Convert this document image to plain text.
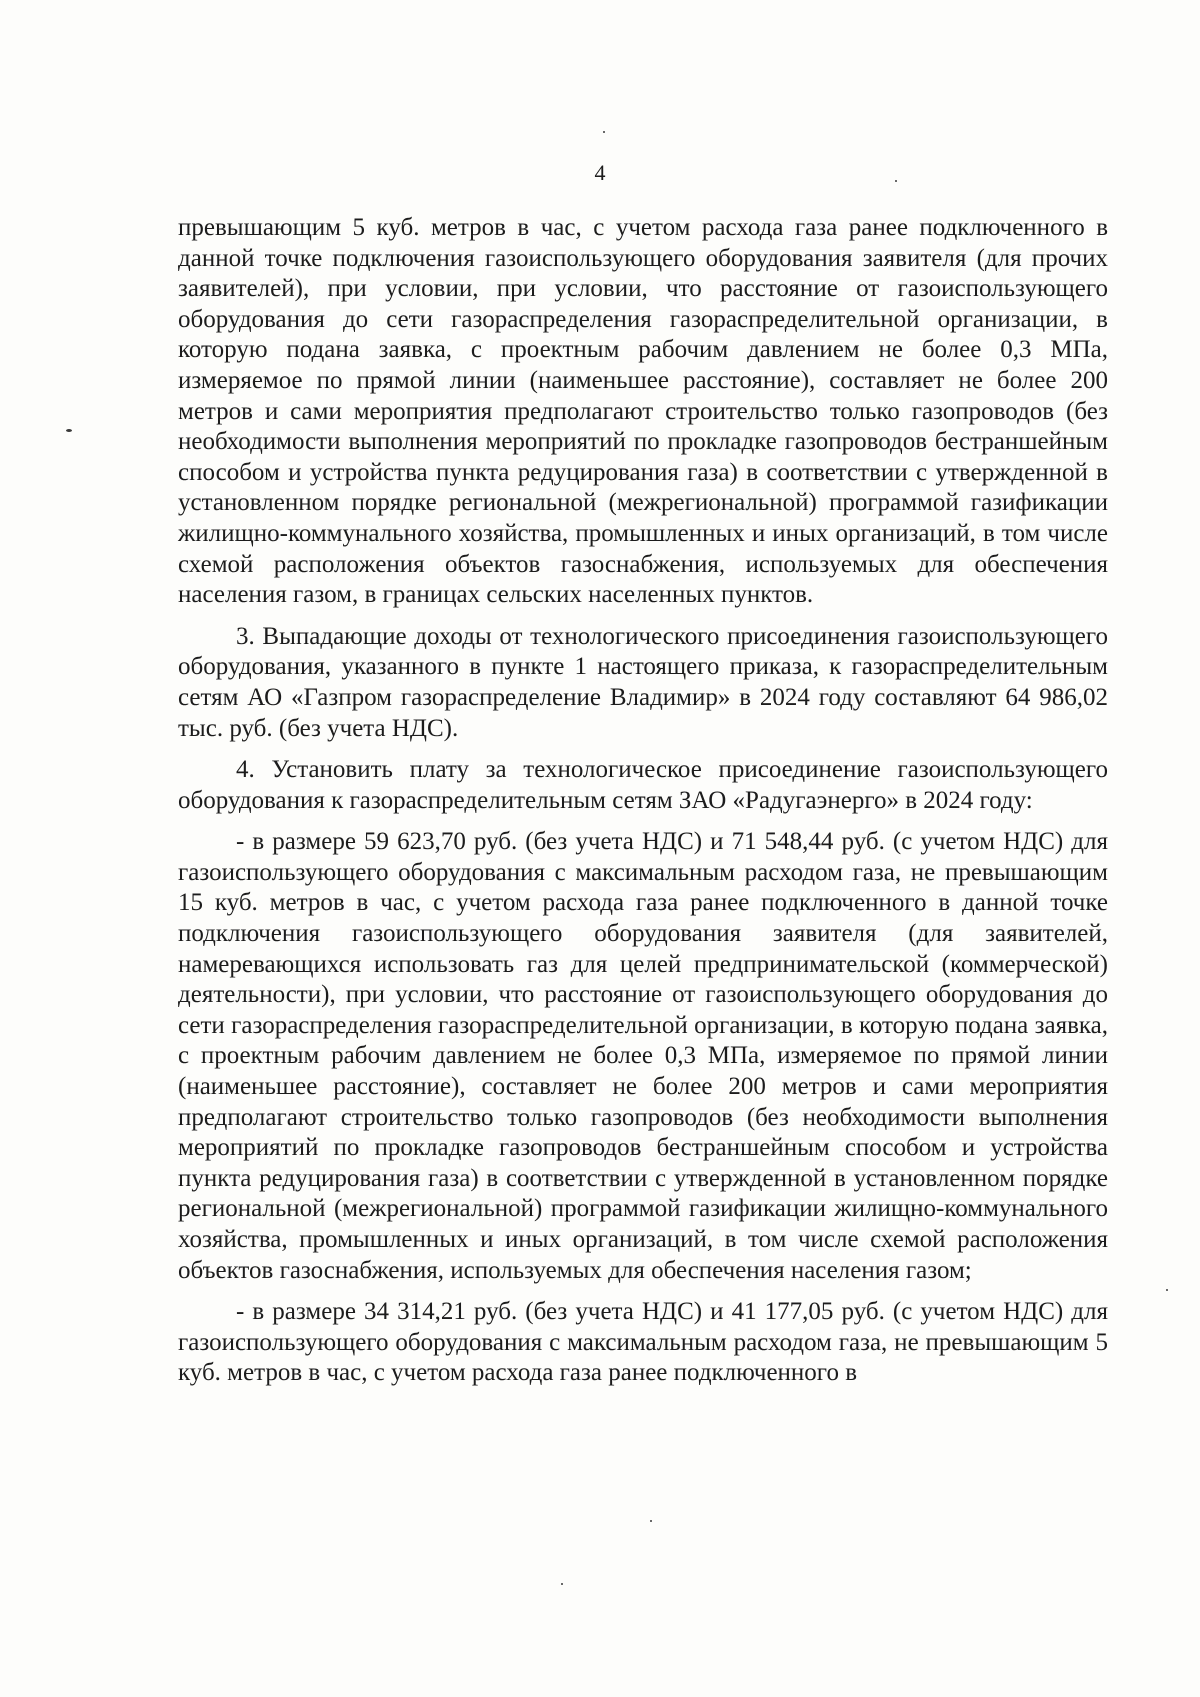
4

превышающим 5 куб. метров в час, с учетом расхода газа ранее подключенного в данной точке подключения газоиспользующего оборудования заявителя (для прочих заявителей), при условии, при условии, что расстояние от газоиспользующего оборудования до сети газораспределения газораспределительной организации, в которую подана заявка, с проектным рабочим давлением не более 0,3 МПа, измеряемое по прямой линии (наименьшее расстояние), составляет не более 200 метров и сами мероприятия предполагают строительство только газопроводов (без необходимости выполнения мероприятий по прокладке газопроводов бестраншейным способом и устройства пункта редуцирования газа) в соответствии с утвержденной в установленном порядке региональной (межрегиональной) программой газификации жилищно-коммунального хозяйства, промышленных и иных организаций, в том числе схемой расположения объектов газоснабжения, используемых для обеспечения населения газом, в границах сельских населенных пунктов.

3. Выпадающие доходы от технологического присоединения газоиспользующего оборудования, указанного в пункте 1 настоящего приказа, к газораспределительным сетям АО «Газпром газораспределение Владимир» в 2024 году составляют 64 986,02 тыс. руб. (без учета НДС).

4. Установить плату за технологическое присоединение газоиспользующего оборудования к газораспределительным сетям ЗАО «Радугаэнерго» в 2024 году:

- в размере 59 623,70 руб. (без учета НДС) и 71 548,44 руб. (с учетом НДС) для газоиспользующего оборудования с максимальным расходом газа, не превышающим 15 куб. метров в час, с учетом расхода газа ранее подключенного в данной точке подключения газоиспользующего оборудования заявителя (для заявителей, намеревающихся использовать газ для целей предпринимательской (коммерческой) деятельности), при условии, что расстояние от газоиспользующего оборудования до сети газораспределения газораспределительной организации, в которую подана заявка, с проектным рабочим давлением не более 0,3 МПа, измеряемое по прямой линии (наименьшее расстояние), составляет не более 200 метров и сами мероприятия предполагают строительство только газопроводов (без необходимости выполнения мероприятий по прокладке газопроводов бестраншейным способом и устройства пункта редуцирования газа) в соответствии с утвержденной в установленном порядке региональной (межрегиональной) программой газификации жилищно-коммунального хозяйства, промышленных и иных организаций, в том числе схемой расположения объектов газоснабжения, используемых для обеспечения населения газом;

- в размере 34 314,21 руб. (без учета НДС) и 41 177,05 руб. (с учетом НДС) для газоиспользующего оборудования с максимальным расходом газа, не превышающим 5 куб. метров в час, с учетом расхода газа ранее подключенного в
